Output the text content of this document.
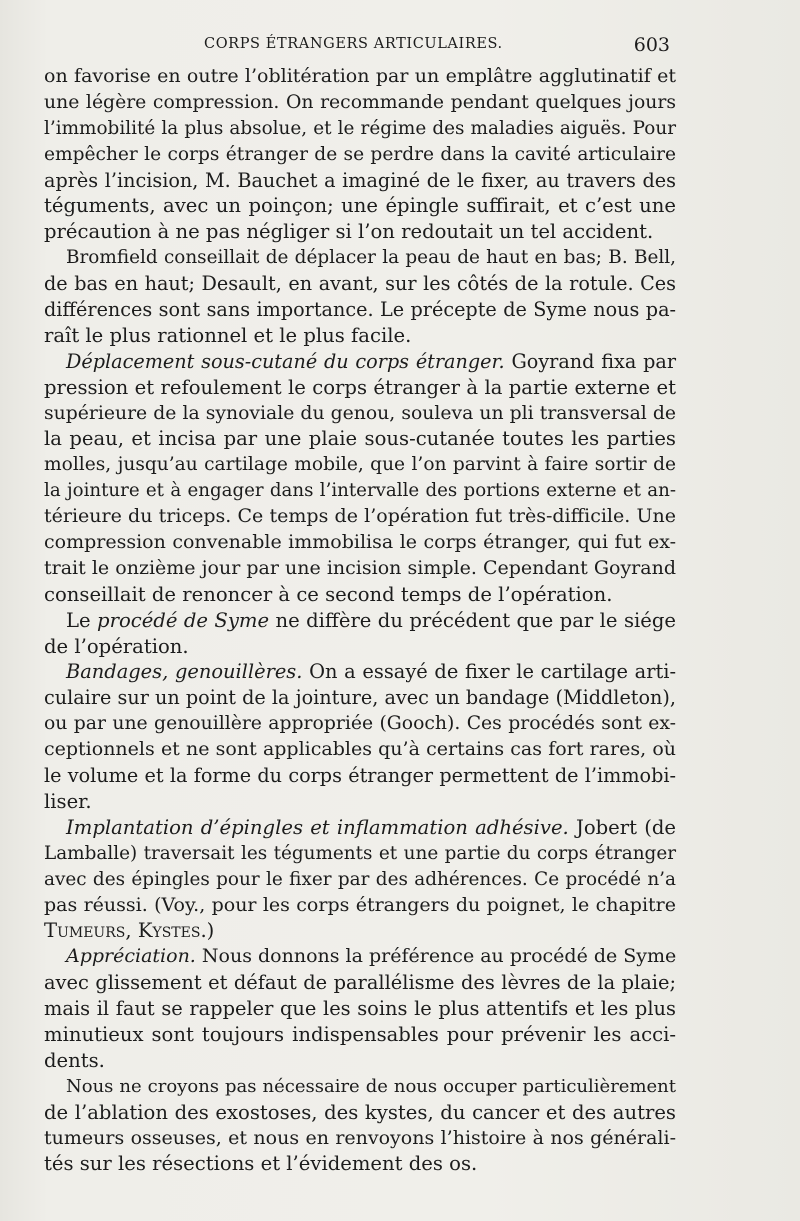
CORPS ÉTRANGERS ARTICULAIRES.	603
on favorise en outre l’oblitération par un emplâtre agglutinatif et
une légère compression. On recommande pendant quelques jours
l’immobilité la plus absolue, et le régime des maladies aiguës. Pour
empêcher le corps étranger de se perdre dans la cavité articulaire
après l’incision, M. Bauchet a imaginé de le fixer, au travers des
téguments, avec un poinçon; une épingle suffirait, et c’est une
précaution à ne pas négliger si l’on redoutait un tel accident.
Bromfield conseillait de déplacer la peau de haut en bas; B. Bell,
de bas en haut; Desault, en avant, sur les côtés de la rotule. Ces
différences sont sans importance. Le précepte de Syme nous pa-
raît le plus rationnel et le plus facile.
Déplacement sous-cutané du corps étranger. Goyrand fixa par
pression et refoulement le corps étranger à la partie externe et
supérieure de la synoviale du genou, souleva un pli transversal de
la peau, et incisa par une plaie sous-cutanée toutes les parties
molles, jusqu’au cartilage mobile, que l’on parvint à faire sortir de
la jointure et à engager dans l’intervalle des portions externe et an-
térieure du triceps. Ce temps de l’opération fut très-difficile. Une
compression convenable immobilisa le corps étranger, qui fut ex-
trait le onzième jour par une incision simple. Cependant Goyrand
conseillait de renoncer à ce second temps de l’opération.
Le procédé de Syme ne diffère du précédent que par le siége
de l’opération.
Bandages, genouillères. On a essayé de fixer le cartilage arti-
culaire sur un point de la jointure, avec un bandage (Middleton),
ou par une genouillère appropriée (Gooch). Ces procédés sont ex-
ceptionnels et ne sont applicables qu’à certains cas fort rares, où
le volume et la forme du corps étranger permettent de l’immobi-
liser.
Implantation d’épingles et inflammation adhésive. Jobert (de
Lamballe) traversait les téguments et une partie du corps étranger
avec des épingles pour le fixer par des adhérences. Ce procédé n’a
pas réussi. (Voy., pour les corps étrangers du poignet, le chapitre
Tumeurs, Kystes.)
Appréciation. Nous donnons la préférence au procédé de Syme
avec glissement et défaut de parallélisme des lèvres de la plaie;
mais il faut se rappeler que les soins le plus attentifs et les plus
minutieux sont toujours indispensables pour prévenir les acci-
dents.
Nous ne croyons pas nécessaire de nous occuper particulièrement
de l’ablation des exostoses, des kystes, du cancer et des autres
tumeurs osseuses, et nous en renvoyons l’histoire à nos générali-
tés sur les résections et l’évidement des os.
